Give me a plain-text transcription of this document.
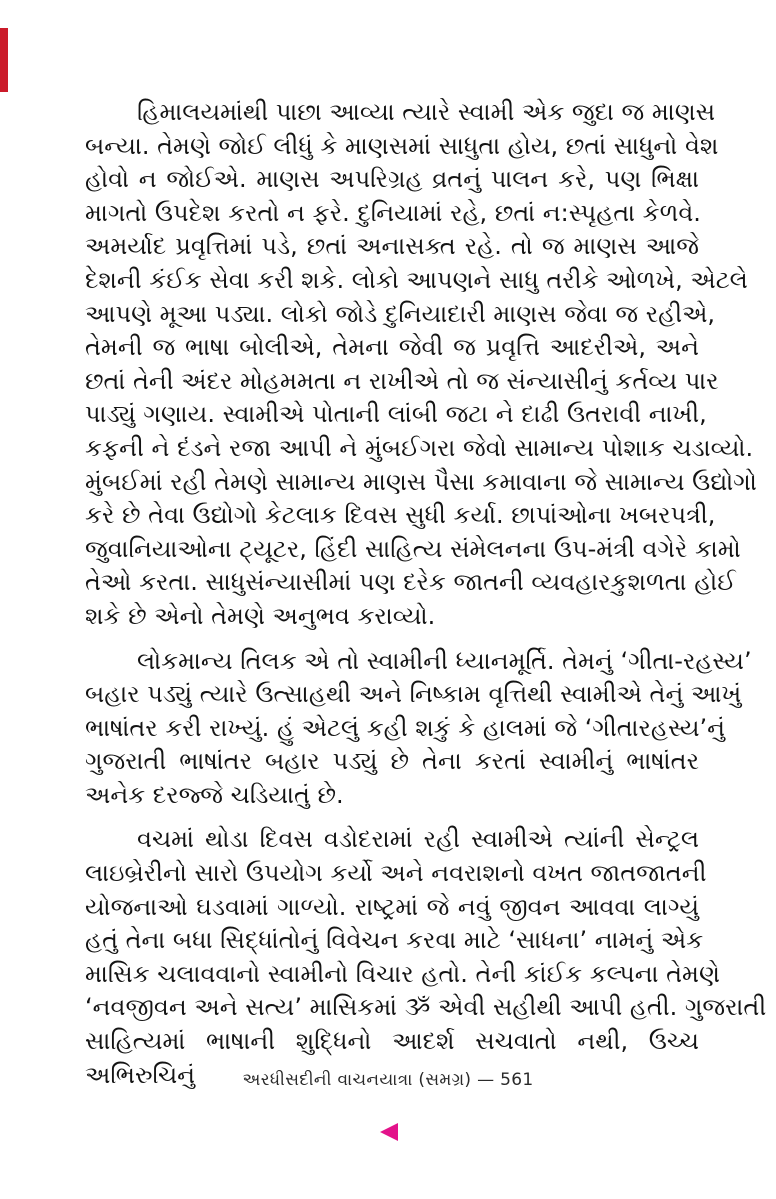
હિમાલયમાંથી પાછા આવ્યા ત્યારે સ્વામી એક જુદા જ માણસ
બન્યા. તેમણે જોઈ લીધું કે માણસમાં સાધુતા હોય, છતાં સાધુનો વેશ
હોવો ન જોઈએ. માણસ અપરિગ્રહ વ્રતનું પાલન કરે, પણ ભિક્ષા
માગતો ઉપદેશ કરતો ન ફરે. દુનિયામાં રહે, છતાં ન:સ્પૃહતા કેળવે.
અમર્યાદ પ્રવૃત્તિમાં પડે, છતાં અનાસક્ત રહે. તો જ માણસ આજે
દેશની કંઈક સેવા કરી શકે. લોકો આપણને સાધુ તરીકે ઓળખે, એટલે
આપણે મૂઆ પડ્યા. લોકો જોડે દુનિયાદારી માણસ જેવા જ રહીએ,
તેમની જ ભાષા બોલીએ, તેમના જેવી જ પ્રવૃત્તિ આદરીએ, અને
છતાં તેની અંદર મોહમમતા ન રાખીએ તો જ સંન્યાસીનું કર્તવ્ય પાર
પાડ્યું ગણાય. સ્વામીએ પોતાની લાંબી જટા ને દાઢી ઉતરાવી નાખી,
કફની ને દંડને રજા આપી ને મુંબઈગરા જેવો સામાન્ય પોશાક ચડાવ્યો.
મુંબઈમાં રહી તેમણે સામાન્ય માણસ પૈસા કમાવાના જે સામાન્ય ઉદ્યોગો
કરે છે તેવા ઉદ્યોગો કેટલાક દિવસ સુધી કર્યા. છાપાંઓના ખબરપત્રી,
જુવાનિયાઓના ટ્યૂટર, હિંદી સાહિત્ય સંમેલનના ઉપ-મંત્રી વગેરે કામો
તેઓ કરતા. સાધુસંન્યાસીમાં પણ દરેક જાતની વ્યવહારકુશળતા હોઈ
શકે છે એનો તેમણે અનુભવ કરાવ્યો.
લોકમાન્ય તિલક એ તો સ્વામીની ધ્યાનમૂર્તિ. તેમનું ‘ગીતા-રહસ્ય’
બહાર પડ્યું ત્યારે ઉત્સાહથી અને નિષ્કામ વૃત્તિથી સ્વામીએ તેનું આખું
ભાષાંતર કરી રાખ્યું. હું એટલું કહી શકું કે હાલમાં જે ‘ગીતારહસ્ય’નું
ગુજરાતી ભાષાંતર બહાર પડ્યું છે તેના કરતાં સ્વામીનું ભાષાંતર
અનેક દરજ્જે ચડિયાતું છે.
વચમાં થોડા દિવસ વડોદરામાં રહી સ્વામીએ ત્યાંની સેન્ટ્રલ
લાઇબ્રેરીનો સારો ઉપયોગ કર્યો અને નવરાશનો વખત જાતજાતની
યોજનાઓ ઘડવામાં ગાળ્યો. રાષ્ટ્રમાં જે નવું જીવન આવવા લાગ્યું
હતું તેના બધા સિદ્ધાંતોનું વિવેચન કરવા માટે ‘સાધના’ નામનું એક
માસિક ચલાવવાનો સ્વામીનો વિચાર હતો. તેની કાંઈક કલ્પના તેમણે
‘નવજીવન અને સત્ય’ માસિકમાં ૐ એવી સહીથી આપી હતી. ગુજરાતી
સાહિત્યમાં ભાષાની શુદ્ધિનો આદર્શ સચવાતો નથી, ઉચ્ચ અભિરુચિનું	અરધીસદીની વાચનયાત્રા (સમગ્ર) — 561
